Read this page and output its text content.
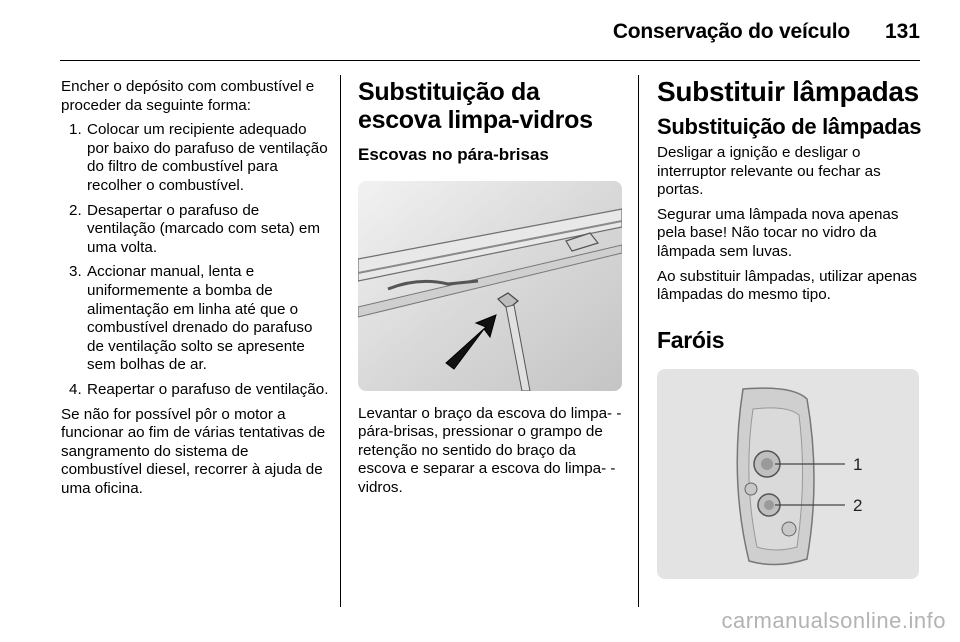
Conservação do veículo 131

Encher o depósito com combustível e proceder da seguinte forma:

1. Colocar um recipiente adequado por baixo do parafuso de ventilação do filtro de combustível para recolher o combustível.
2. Desapertar o parafuso de ventilação (marcado com seta) em uma volta.
3. Accionar manual, lenta e uniformemente a bomba de alimentação em linha até que o combustível drenado do parafuso de ventilação solto se apresente sem bolhas de ar.
4. Reapertar o parafuso de ventilação.

Se não for possível pôr o motor a funcionar ao fim de várias tentativas de sangramento do sistema de combustível diesel, recorrer à ajuda de uma oficina.

Substituição da escova limpa-vidros
Escovas no pára-brisas

Levantar o braço da escova do limpa- -pára-brisas, pressionar o grampo de retenção no sentido do braço da escova e separar a escova do limpa- -vidros.

Substituir lâmpadas
Substituição de lâmpadas

Desligar a ignição e desligar o interruptor relevante ou fechar as portas.

Segurar uma lâmpada nova apenas pela base! Não tocar no vidro da lâmpada sem luvas.

Ao substituir lâmpadas, utilizar apenas lâmpadas do mesmo tipo.

Faróis
1
2
carmanualsonline.info
